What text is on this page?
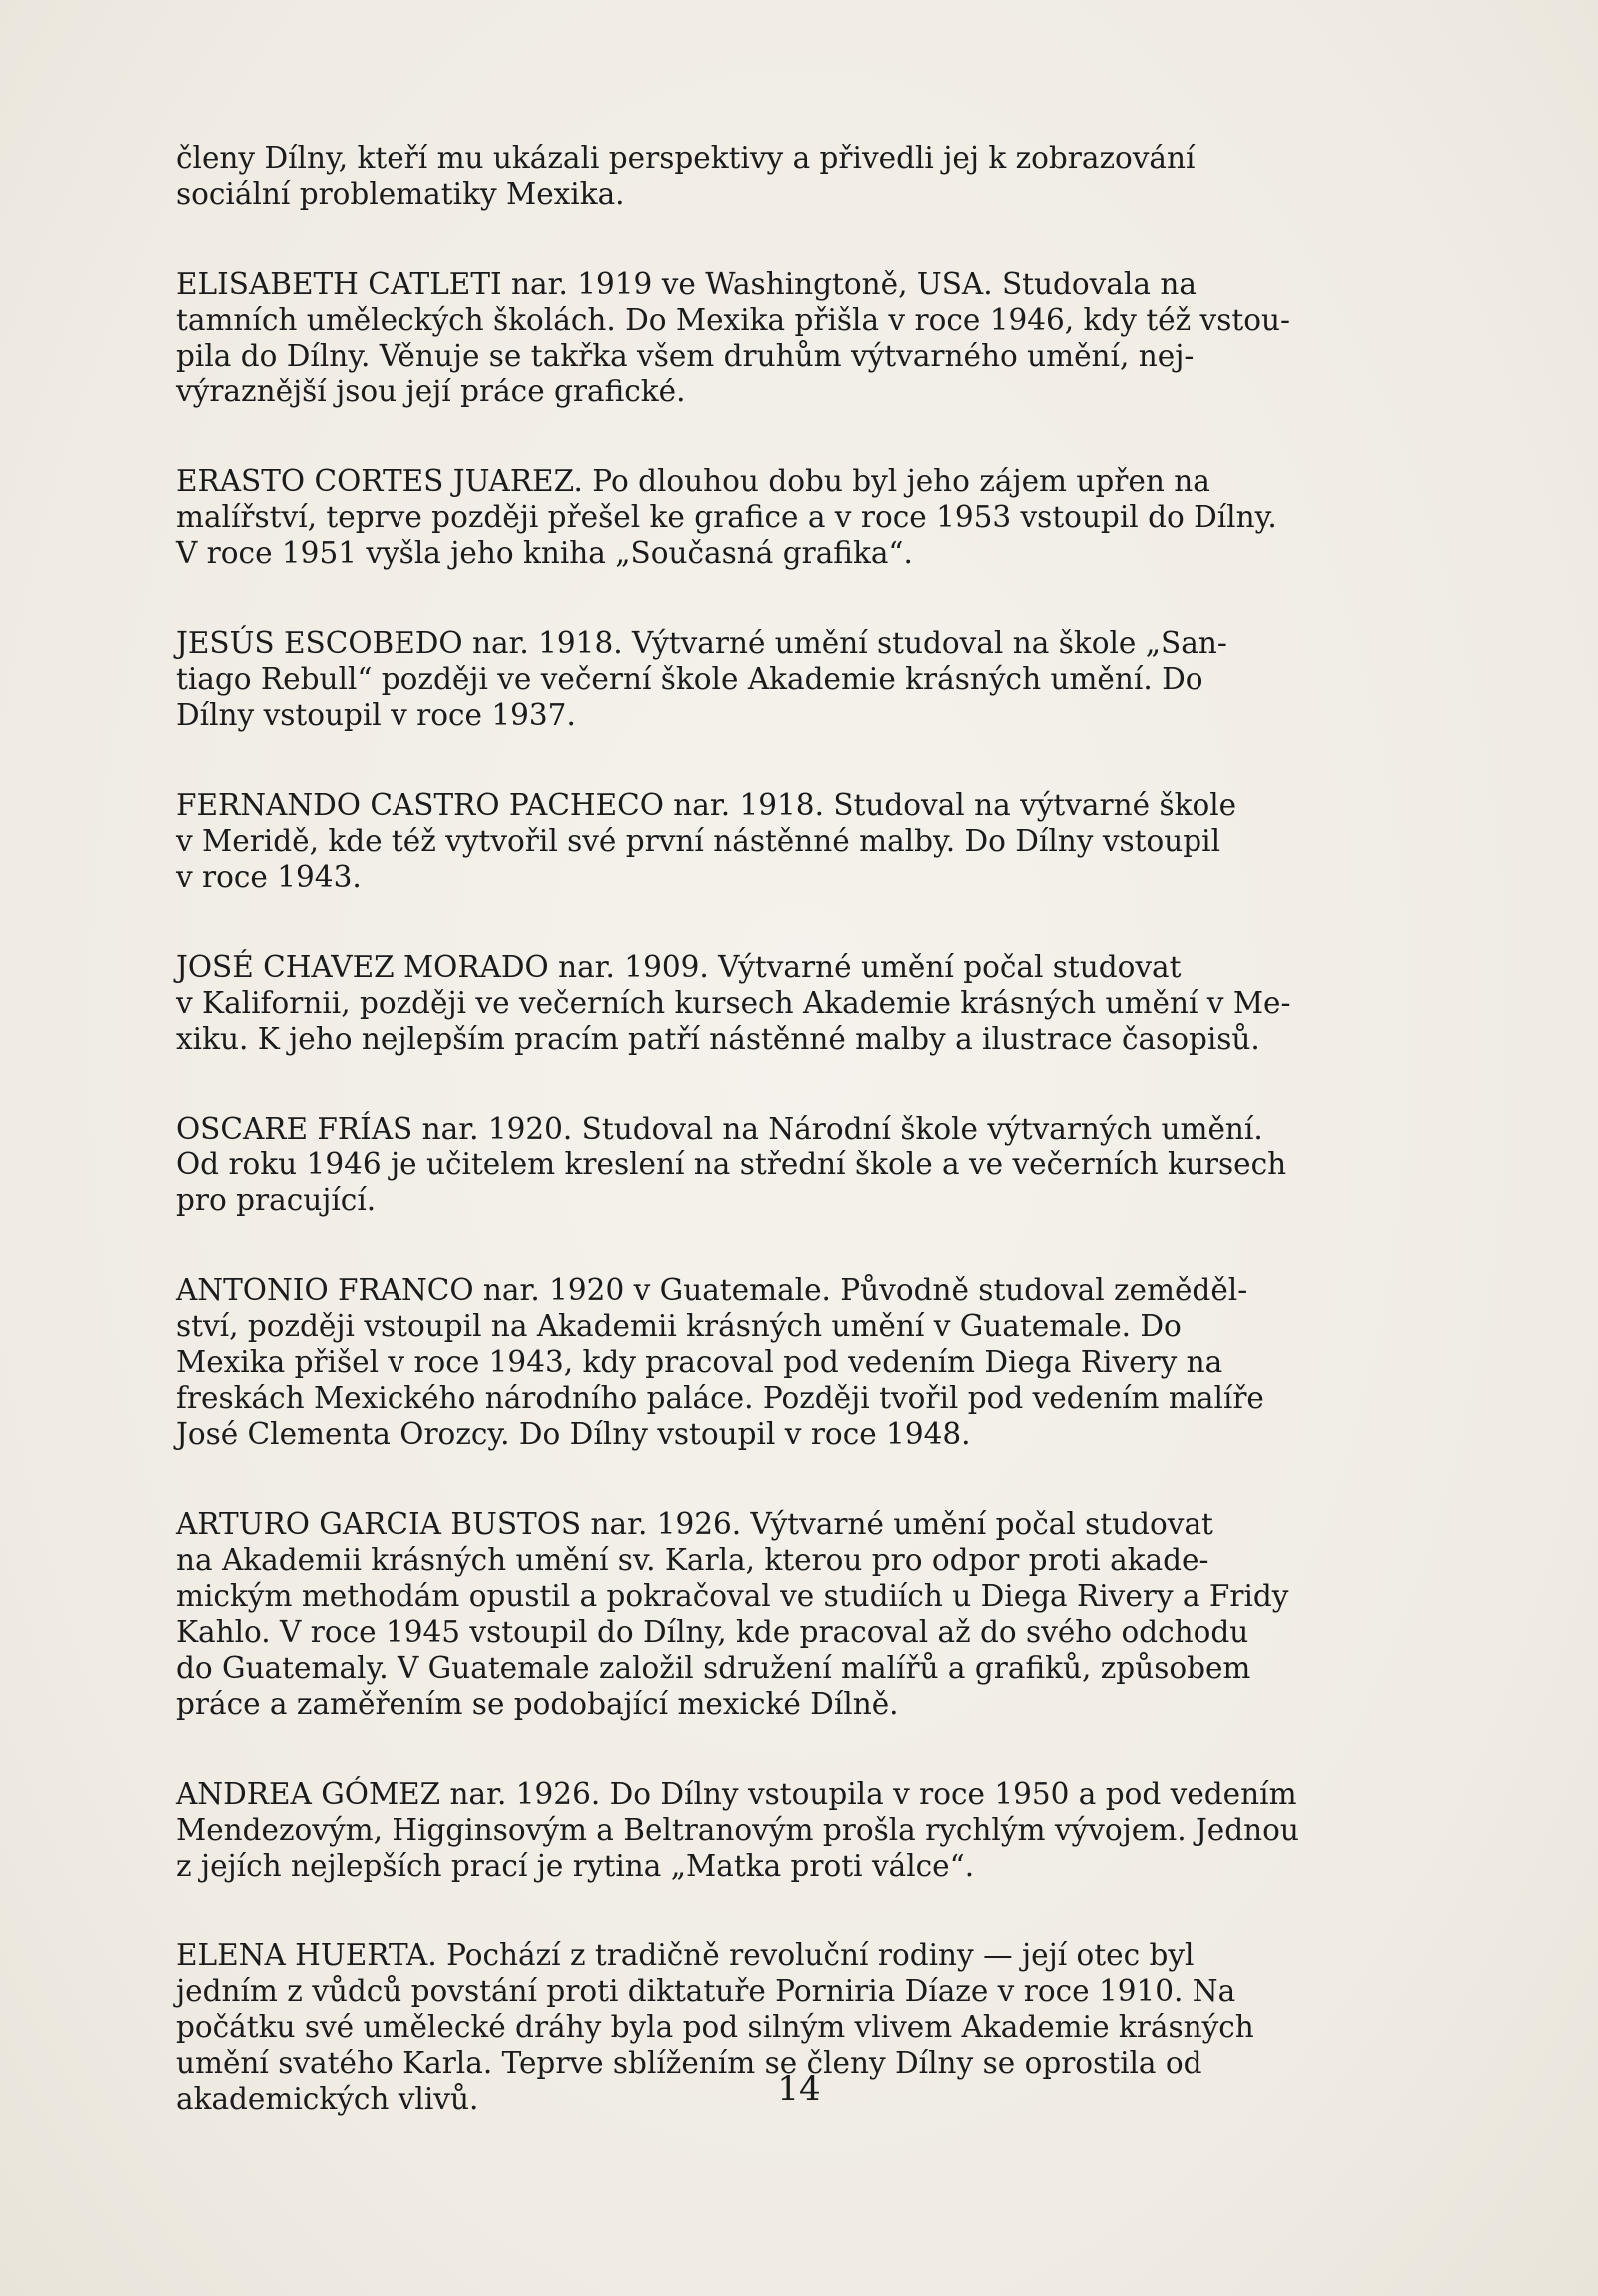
členy Dílny, kteří mu ukázali perspektivy a přivedli jej k zobrazování
sociální problematiky Mexika.

ELISABETH CATLETI nar. 1919 ve Washingtoně, USA. Studovala na
tamních uměleckých školách. Do Mexika přišla v roce 1946, kdy též vstou-
pila do Dílny. Věnuje se takřka všem druhům výtvarného umění, nej-
výraznější jsou její práce grafické.

ERASTO CORTES JUAREZ. Po dlouhou dobu byl jeho zájem upřen na
malířství, teprve později přešel ke grafice a v roce 1953 vstoupil do Dílny.
V roce 1951 vyšla jeho kniha „Současná grafika“.

JESÚS ESCOBEDO nar. 1918. Výtvarné umění studoval na škole „San-
tiago Rebull“ později ve večerní škole Akademie krásných umění. Do
Dílny vstoupil v roce 1937.

FERNANDO CASTRO PACHECO nar. 1918. Studoval na výtvarné škole
v Meridě, kde též vytvořil své první nástěnné malby. Do Dílny vstoupil
v roce 1943.

JOSÉ CHAVEZ MORADO nar. 1909. Výtvarné umění počal studovat
v Kalifornii, později ve večerních kursech Akademie krásných umění v Me-
xiku. K jeho nejlepším pracím patří nástěnné malby a ilustrace časopisů.

OSCARE FRÍAS nar. 1920. Studoval na Národní škole výtvarných umění.
Od roku 1946 je učitelem kreslení na střední škole a ve večerních kursech
pro pracující.

ANTONIO FRANCO nar. 1920 v Guatemale. Původně studoval zeměděl-
ství, později vstoupil na Akademii krásných umění v Guatemale. Do
Mexika přišel v roce 1943, kdy pracoval pod vedením Diega Rivery na
freskách Mexického národního paláce. Později tvořil pod vedením malíře
José Clementa Orozcy. Do Dílny vstoupil v roce 1948.

ARTURO GARCIA BUSTOS nar. 1926. Výtvarné umění počal studovat
na Akademii krásných umění sv. Karla, kterou pro odpor proti akade-
mickým methodám opustil a pokračoval ve studiích u Diega Rivery a Fridy
Kahlo. V roce 1945 vstoupil do Dílny, kde pracoval až do svého odchodu
do Guatemaly. V Guatemale založil sdružení malířů a grafiků, způsobem
práce a zaměřením se podobající mexické Dílně.

ANDREA GÓMEZ nar. 1926. Do Dílny vstoupila v roce 1950 a pod vedením
Mendezovým, Higginsovým a Beltranovým prošla rychlým vývojem. Jednou
z jejích nejlepších prací je rytina „Matka proti válce“.

ELENA HUERTA. Pochází z tradičně revoluční rodiny — její otec byl
jedním z vůdců povstání proti diktatuře Porniria Díaze v roce 1910. Na
počátku své umělecké dráhy byla pod silným vlivem Akademie krásných
umění svatého Karla. Teprve sblížením se členy Dílny se oprostila od
akademických vlivů.	14
